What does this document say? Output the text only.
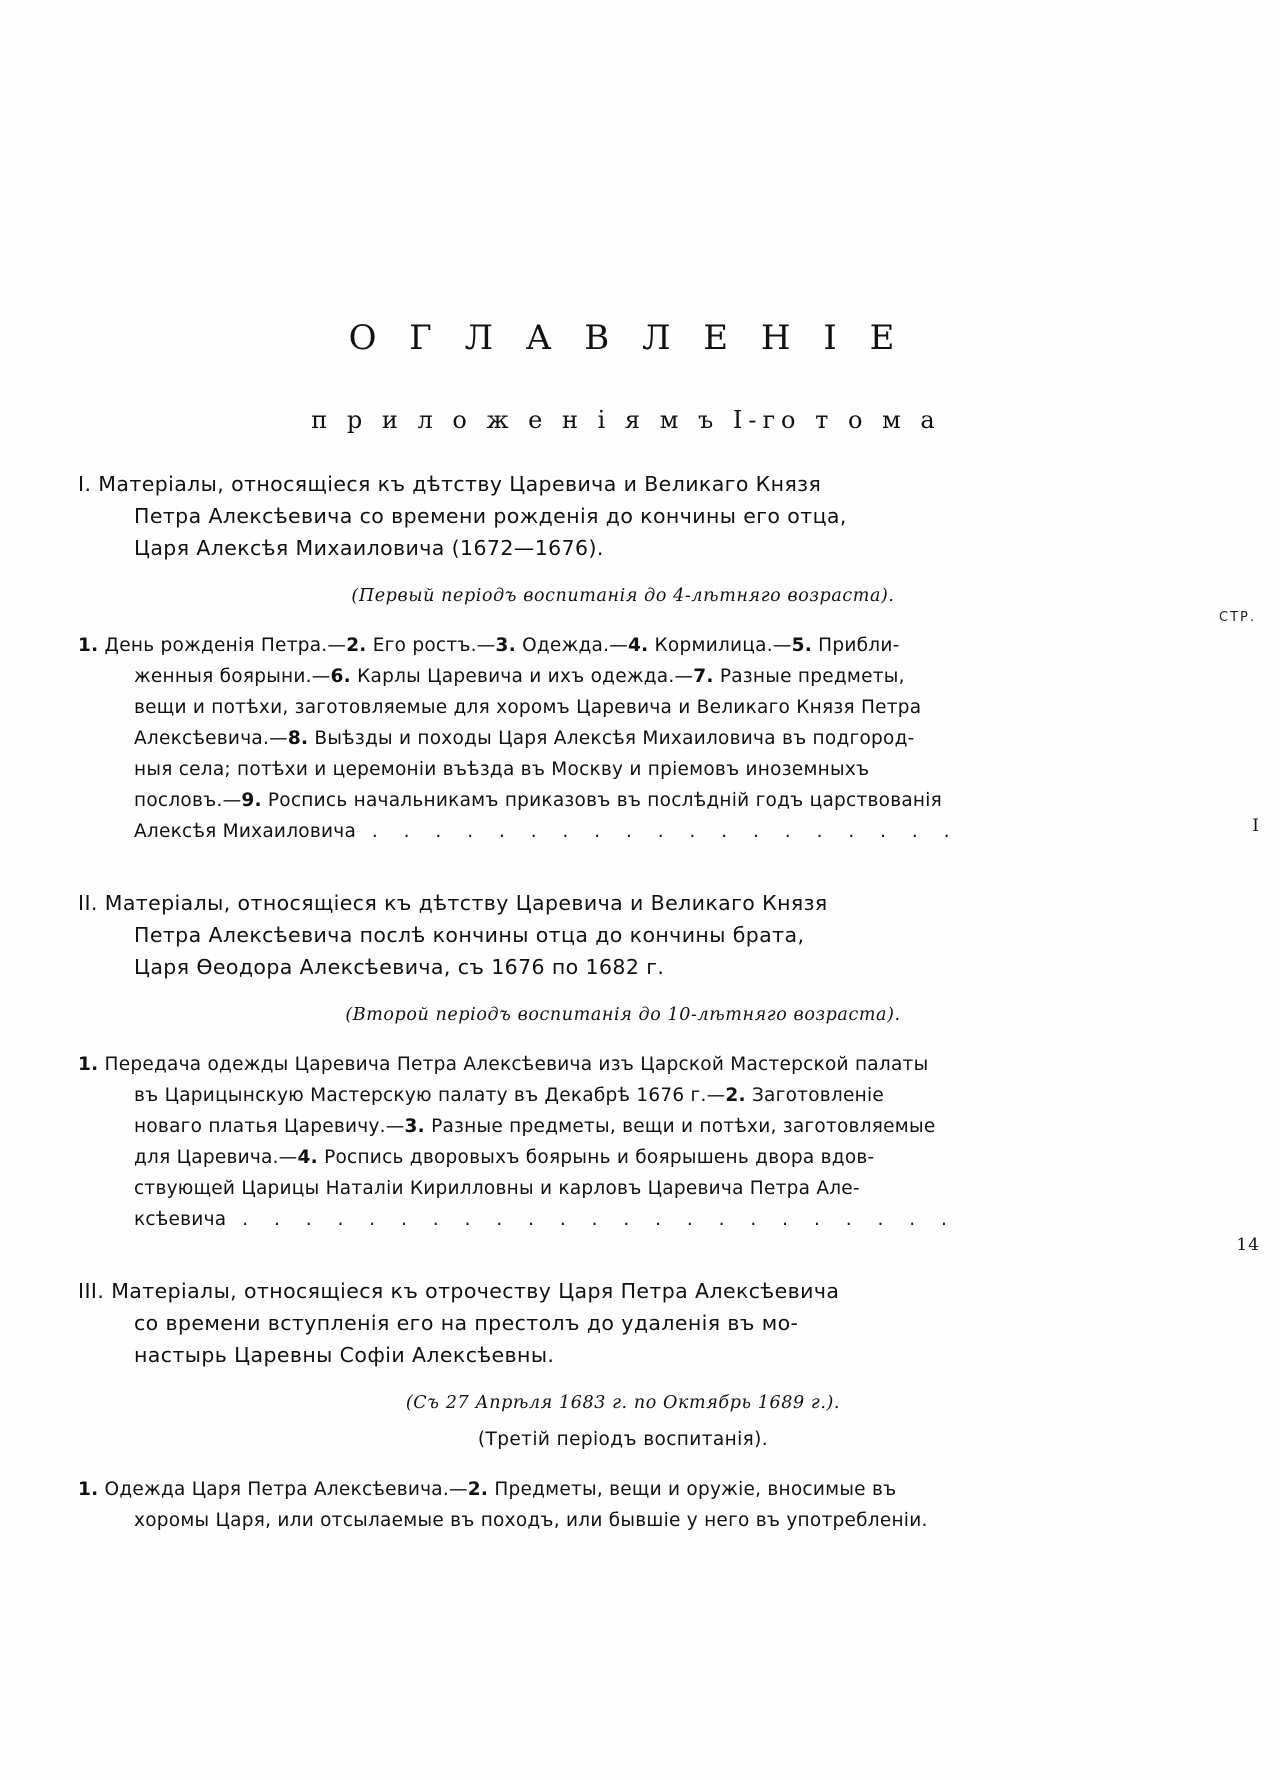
О Г Л А В Л Е Н І Е
п р и л о ж е н і я м ъ I-го т о м а
I. Матеріалы, относящіеся къ дѣтству Царевича и Великаго Князя
Петра Алексѣевича со времени рожденія до кончины его отца,
Царя Алексѣя Михаиловича (1672—1676).
(Первый періодъ воспитанія до 4-лѣтняго возраста).
СТР.
1. День рожденія Петра.—2. Его ростъ.—3. Одежда.—4. Кормилица.—5. Прибли-
женныя боярыни.—6. Карлы Царевича и ихъ одежда.—7. Разные предметы,
вещи и потѣхи, заготовляемые для хоромъ Царевича и Великаго Князя Петра
Алексѣевича.—8. Выѣзды и походы Царя Алексѣя Михаиловича въ подгород-
ныя села; потѣхи и церемоніи въѣзда въ Москву и пріемовъ иноземныхъ
пословъ.—9. Роспись начальникамъ приказовъ въ послѣдній годъ царствованія
Алексѣя Михаиловича . . . . . . . . . . . . . . . . . . .	I
II. Матеріалы, относящіеся къ дѣтству Царевича и Великаго Князя
Петра Алексѣевича послѣ кончины отца до кончины брата,
Царя Ѳеодора Алексѣевича, съ 1676 по 1682 г.
(Второй періодъ воспитанія до 10-лѣтняго возраста).
1. Передача одежды Царевича Петра Алексѣевича изъ Царской Мастерской палаты
въ Царицынскую Мастерскую палату въ Декабрѣ 1676 г.—2. Заготовленіе
новаго платья Царевичу.—3. Разные предметы, вещи и потѣхи, заготовляемые
для Царевича.—4. Роспись дворовыхъ боярынь и боярышень двора вдов-
ствующей Царицы Наталіи Кирилловны и карловъ Царевича Петра Але-
ксѣевича . . . . . . . . . . . . . . . . . . . . . . .
14
III. Матеріалы, относящіеся къ отрочеству Царя Петра Алексѣевича
со времени вступленія его на престолъ до удаленія въ мо-
настырь Царевны Софіи Алексѣевны.
(Съ 27 Апрѣля 1683 г. по Октябрь 1689 г.).
(Третій періодъ воспитанія).
1. Одежда Царя Петра Алексѣевича.—2. Предметы, вещи и оружіе, вносимые въ
хоромы Царя, или отсылаемые въ походъ, или бывшіе у него въ употребленіи.
